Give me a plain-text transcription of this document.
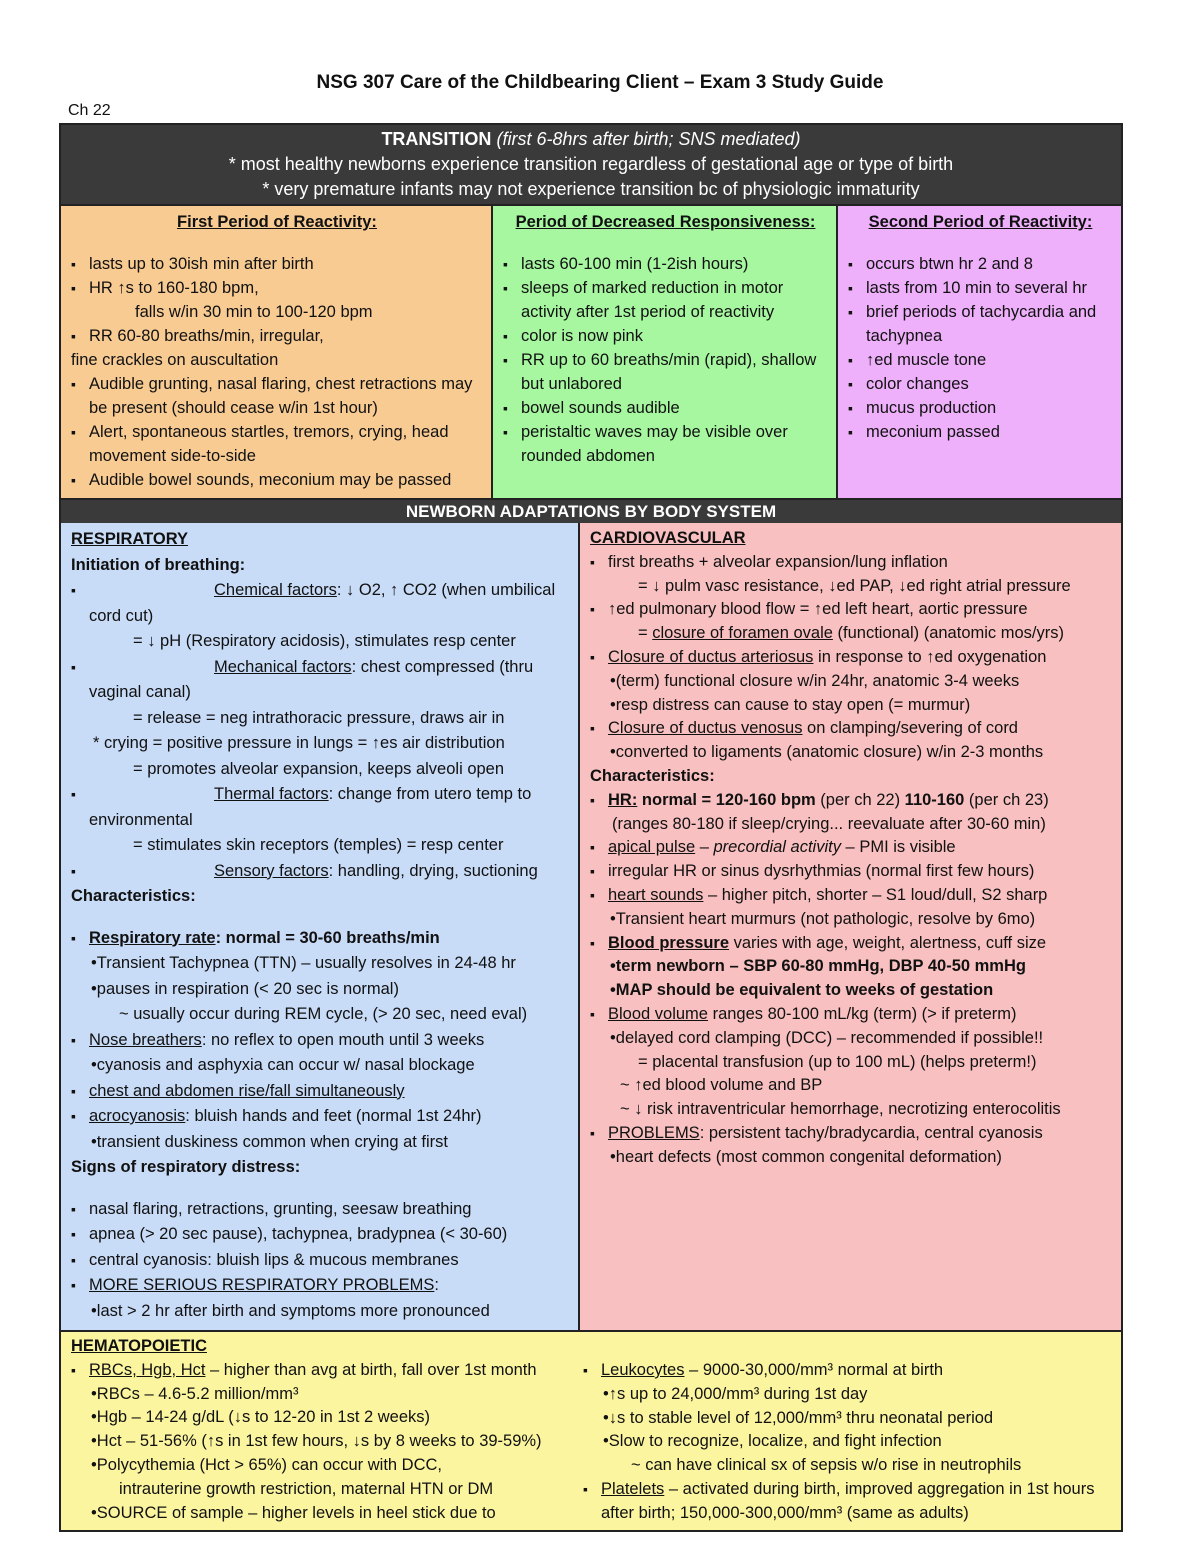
NSG 307 Care of the Childbearing Client – Exam 3 Study Guide
Ch 22
TRANSITION (first 6-8hrs after birth; SNS mediated)
* most healthy newborns experience transition regardless of gestational age or type of birth
* very premature infants may not experience transition bc of physiologic immaturity
First Period of Reactivity:
▪ lasts up to 30ish min after birth
▪ HR ↑s to 160-180 bpm,
falls w/in 30 min to 100-120 bpm
▪ RR 60-80 breaths/min, irregular,
fine crackles on auscultation
▪ Audible grunting, nasal flaring, chest retractions may be present (should cease w/in 1st hour)
▪ Alert, spontaneous startles, tremors, crying, head movement side-to-side
▪ Audible bowel sounds, meconium may be passed
Period of Decreased Responsiveness:
▪ lasts 60-100 min (1-2ish hours)
▪ sleeps of marked reduction in motor activity after 1st period of reactivity
▪ color is now pink
▪ RR up to 60 breaths/min (rapid), shallow but unlabored
▪ bowel sounds audible
▪ peristaltic waves may be visible over rounded abdomen
Second Period of Reactivity:
▪ occurs btwn hr 2 and 8
▪ lasts from 10 min to several hr
▪ brief periods of tachycardia and tachypnea
▪ ↑ed muscle tone
▪ color changes
▪ mucus production
▪ meconium passed
NEWBORN ADAPTATIONS BY BODY SYSTEM
RESPIRATORY
Initiation of breathing:
▪ Chemical factors: ↓ O2, ↑ CO2 (when umbilical cord cut)
= ↓ pH (Respiratory acidosis), stimulates resp center
▪ Mechanical factors: chest compressed (thru vaginal canal)
= release = neg intrathoracic pressure, draws air in
* crying = positive pressure in lungs = ↑es air distribution
= promotes alveolar expansion, keeps alveoli open
▪ Thermal factors: change from utero temp to environmental
= stimulates skin receptors (temples) = resp center
▪ Sensory factors: handling, drying, suctioning
Characteristics:
▪ Respiratory rate: normal = 30-60 breaths/min
• Transient Tachypnea (TTN) – usually resolves in 24-48 hr
• pauses in respiration (< 20 sec is normal)
~ usually occur during REM cycle, (> 20 sec, need eval)
▪ Nose breathers: no reflex to open mouth until 3 weeks
• cyanosis and asphyxia can occur w/ nasal blockage
▪ chest and abdomen rise/fall simultaneously
▪ acrocyanosis: bluish hands and feet (normal 1st 24hr)
• transient duskiness common when crying at first
Signs of respiratory distress:
▪ nasal flaring, retractions, grunting, seesaw breathing
▪ apnea (> 20 sec pause), tachypnea, bradypnea (< 30-60)
▪ central cyanosis: bluish lips & mucous membranes
▪ MORE SERIOUS RESPIRATORY PROBLEMS:
• last > 2 hr after birth and symptoms more pronounced
CARDIOVASCULAR
▪ first breaths + alveolar expansion/lung inflation
= ↓ pulm vasc resistance, ↓ed PAP, ↓ed right atrial pressure
▪ ↑ed pulmonary blood flow = ↑ed left heart, aortic pressure
= closure of foramen ovale (functional) (anatomic mos/yrs)
▪ Closure of ductus arteriosus in response to ↑ed oxygenation
• (term) functional closure w/in 24hr, anatomic 3-4 weeks
• resp distress can cause to stay open (= murmur)
▪ Closure of ductus venosus on clamping/severing of cord
• converted to ligaments (anatomic closure) w/in 2-3 months
Characteristics:
▪ HR: normal = 120-160 bpm (per ch 22) 110-160 (per ch 23)
(ranges 80-180 if sleep/crying... reevaluate after 30-60 min)
▪ apical pulse – precordial activity – PMI is visible
▪ irregular HR or sinus dysrhythmias (normal first few hours)
▪ heart sounds – higher pitch, shorter – S1 loud/dull, S2 sharp
• Transient heart murmurs (not pathologic, resolve by 6mo)
▪ Blood pressure varies with age, weight, alertness, cuff size
• term newborn – SBP 60-80 mmHg, DBP 40-50 mmHg
• MAP should be equivalent to weeks of gestation
▪ Blood volume ranges 80-100 mL/kg (term) (> if preterm)
• delayed cord clamping (DCC) – recommended if possible!!
= placental transfusion (up to 100 mL) (helps preterm!)
~ ↑ed blood volume and BP
~ ↓ risk intraventricular hemorrhage, necrotizing enterocolitis
▪ PROBLEMS: persistent tachy/bradycardia, central cyanosis
• heart defects (most common congenital deformation)
HEMATOPOIETIC
▪ RBCs, Hgb, Hct – higher than avg at birth, fall over 1st month
• RBCs – 4.6-5.2 million/mm³
• Hgb – 14-24 g/dL (↓s to 12-20 in 1st 2 weeks)
• Hct – 51-56% (↑s in 1st few hours, ↓s by 8 weeks to 39-59%)
• Polycythemia (Hct > 65%) can occur with DCC,
intrauterine growth restriction, maternal HTN or DM
• SOURCE of sample – higher levels in heel stick due to
▪ Leukocytes – 9000-30,000/mm³ normal at birth
• ↑s up to 24,000/mm³ during 1st day
• ↓s to stable level of 12,000/mm³ thru neonatal period
• Slow to recognize, localize, and fight infection
~ can have clinical sx of sepsis w/o rise in neutrophils
▪ Platelets – activated during birth, improved aggregation in 1st hours after birth; 150,000-300,000/mm³ (same as adults)
